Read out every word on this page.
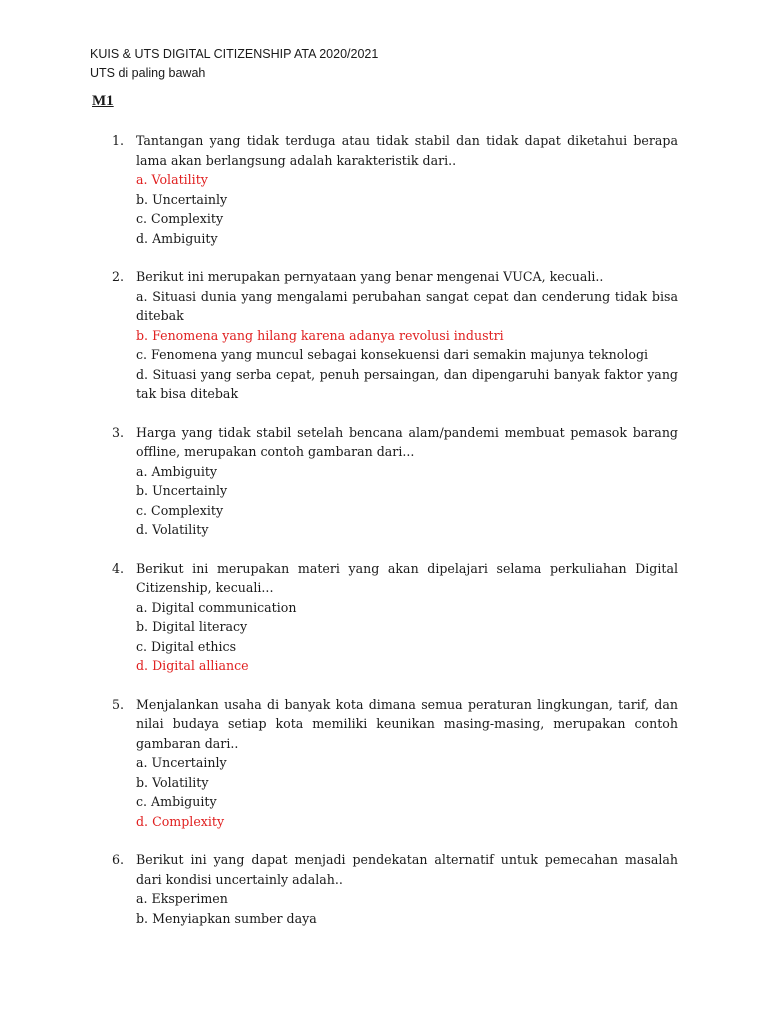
KUIS & UTS DIGITAL CITIZENSHIP ATA 2020/2021
UTS di paling bawah
M1
1. Tantangan yang tidak terduga atau tidak stabil dan tidak dapat diketahui berapa lama akan berlangsung adalah karakteristik dari..
a. Volatility
b. Uncertainly
c. Complexity
d. Ambiguity
2. Berikut ini merupakan pernyataan yang benar mengenai VUCA, kecuali..
a. Situasi dunia yang mengalami perubahan sangat cepat dan cenderung tidak bisa ditebak
b. Fenomena yang hilang karena adanya revolusi industri
c. Fenomena yang muncul sebagai konsekuensi dari semakin majunya teknologi
d. Situasi yang serba cepat, penuh persaingan, dan dipengaruhi banyak faktor yang tak bisa ditebak
3. Harga yang tidak stabil setelah bencana alam/pandemi membuat pemasok barang offline, merupakan contoh gambaran dari...
a. Ambiguity
b. Uncertainly
c. Complexity
d. Volatility
4. Berikut ini merupakan materi yang akan dipelajari selama perkuliahan Digital Citizenship, kecuali...
a. Digital communication
b. Digital literacy
c. Digital ethics
d. Digital alliance
5. Menjalankan usaha di banyak kota dimana semua peraturan lingkungan, tarif, dan nilai budaya setiap kota memiliki keunikan masing-masing, merupakan contoh gambaran dari..
a. Uncertainly
b. Volatility
c. Ambiguity
d. Complexity
6. Berikut ini yang dapat menjadi pendekatan alternatif untuk pemecahan masalah dari kondisi uncertainly adalah..
a. Eksperimen
b. Menyiapkan sumber daya
